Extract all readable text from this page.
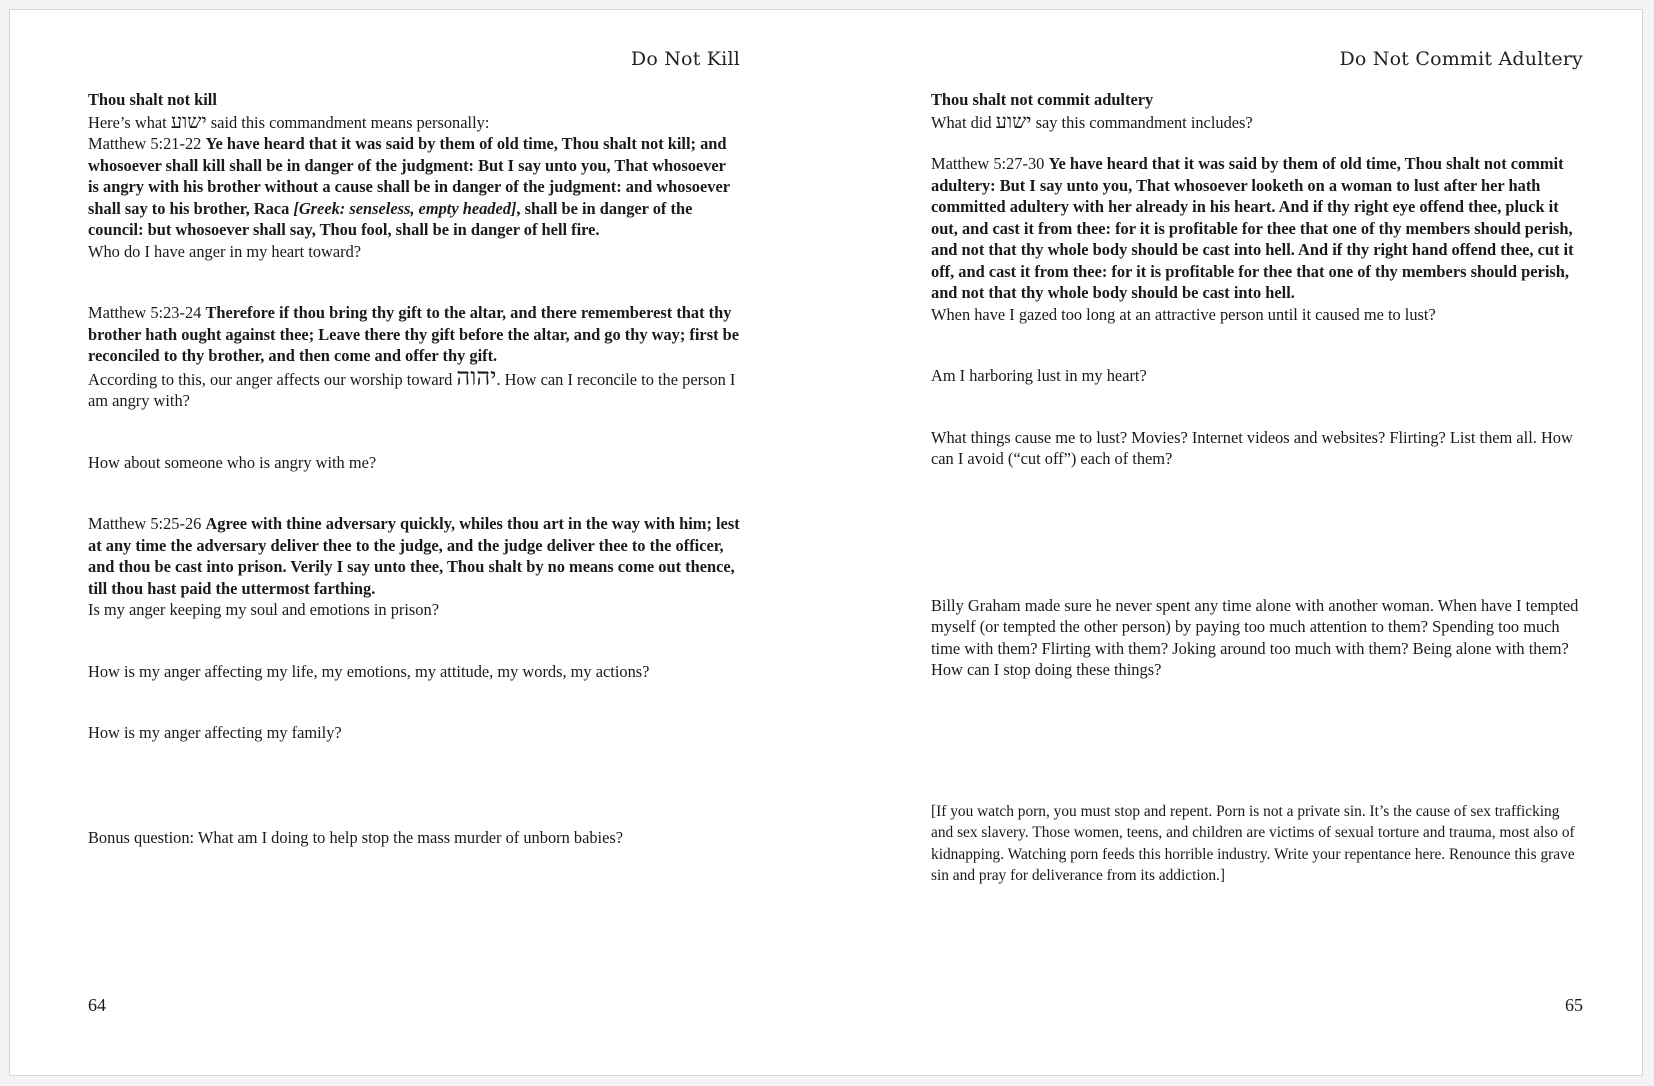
Do Not Kill

Thou shalt not kill

Here’s what ישוע said this commandment means personally:

Matthew 5:21-22 Ye have heard that it was said by them of old time, Thou shalt not kill; and whosoever shall kill shall be in danger of the judgment: But I say unto you, That whosoever is angry with his brother without a cause shall be in danger of the judgment: and whosoever shall say to his brother, Raca [Greek: senseless, empty headed], shall be in danger of the council: but whosoever shall say, Thou fool, shall be in danger of hell fire.

Who do I have anger in my heart toward?

Matthew 5:23-24 Therefore if thou bring thy gift to the altar, and there rememberest that thy brother hath ought against thee; Leave there thy gift before the altar, and go thy way; first be reconciled to thy brother, and then come and offer thy gift.

According to this, our anger affects our worship toward יהוה. How can I reconcile to the person I am angry with?

How about someone who is angry with me?

Matthew 5:25-26 Agree with thine adversary quickly, whiles thou art in the way with him; lest at any time the adversary deliver thee to the judge, and the judge deliver thee to the officer, and thou be cast into prison. Verily I say unto thee, Thou shalt by no means come out thence, till thou hast paid the uttermost farthing.

Is my anger keeping my soul and emotions in prison?

How is my anger affecting my life, my emotions, my attitude, my words, my actions?

How is my anger affecting my family?

Bonus question: What am I doing to help stop the mass murder of unborn babies?

64
Do Not Commit Adultery

Thou shalt not commit adultery

What did ישוע say this commandment includes?

Matthew 5:27-30 Ye have heard that it was said by them of old time, Thou shalt not commit adultery: But I say unto you, That whosoever looketh on a woman to lust after her hath committed adultery with her already in his heart. And if thy right eye offend thee, pluck it out, and cast it from thee: for it is profitable for thee that one of thy members should perish, and not that thy whole body should be cast into hell. And if thy right hand offend thee, cut it off, and cast it from thee: for it is profitable for thee that one of thy members should perish, and not that thy whole body should be cast into hell.

When have I gazed too long at an attractive person until it caused me to lust?

Am I harboring lust in my heart?

What things cause me to lust? Movies? Internet videos and websites? Flirting? List them all. How can I avoid (“cut off”) each of them?

Billy Graham made sure he never spent any time alone with another woman. When have I tempted myself (or tempted the other person) by paying too much attention to them? Spending too much time with them? Flirting with them? Joking around too much with them? Being alone with them? How can I stop doing these things?

[If you watch porn, you must stop and repent. Porn is not a private sin. It’s the cause of sex trafficking and sex slavery. Those women, teens, and children are victims of sexual torture and trauma, most also of kidnapping. Watching porn feeds this horrible industry. Write your repentance here. Renounce this grave sin and pray for deliverance from its addiction.]

65
